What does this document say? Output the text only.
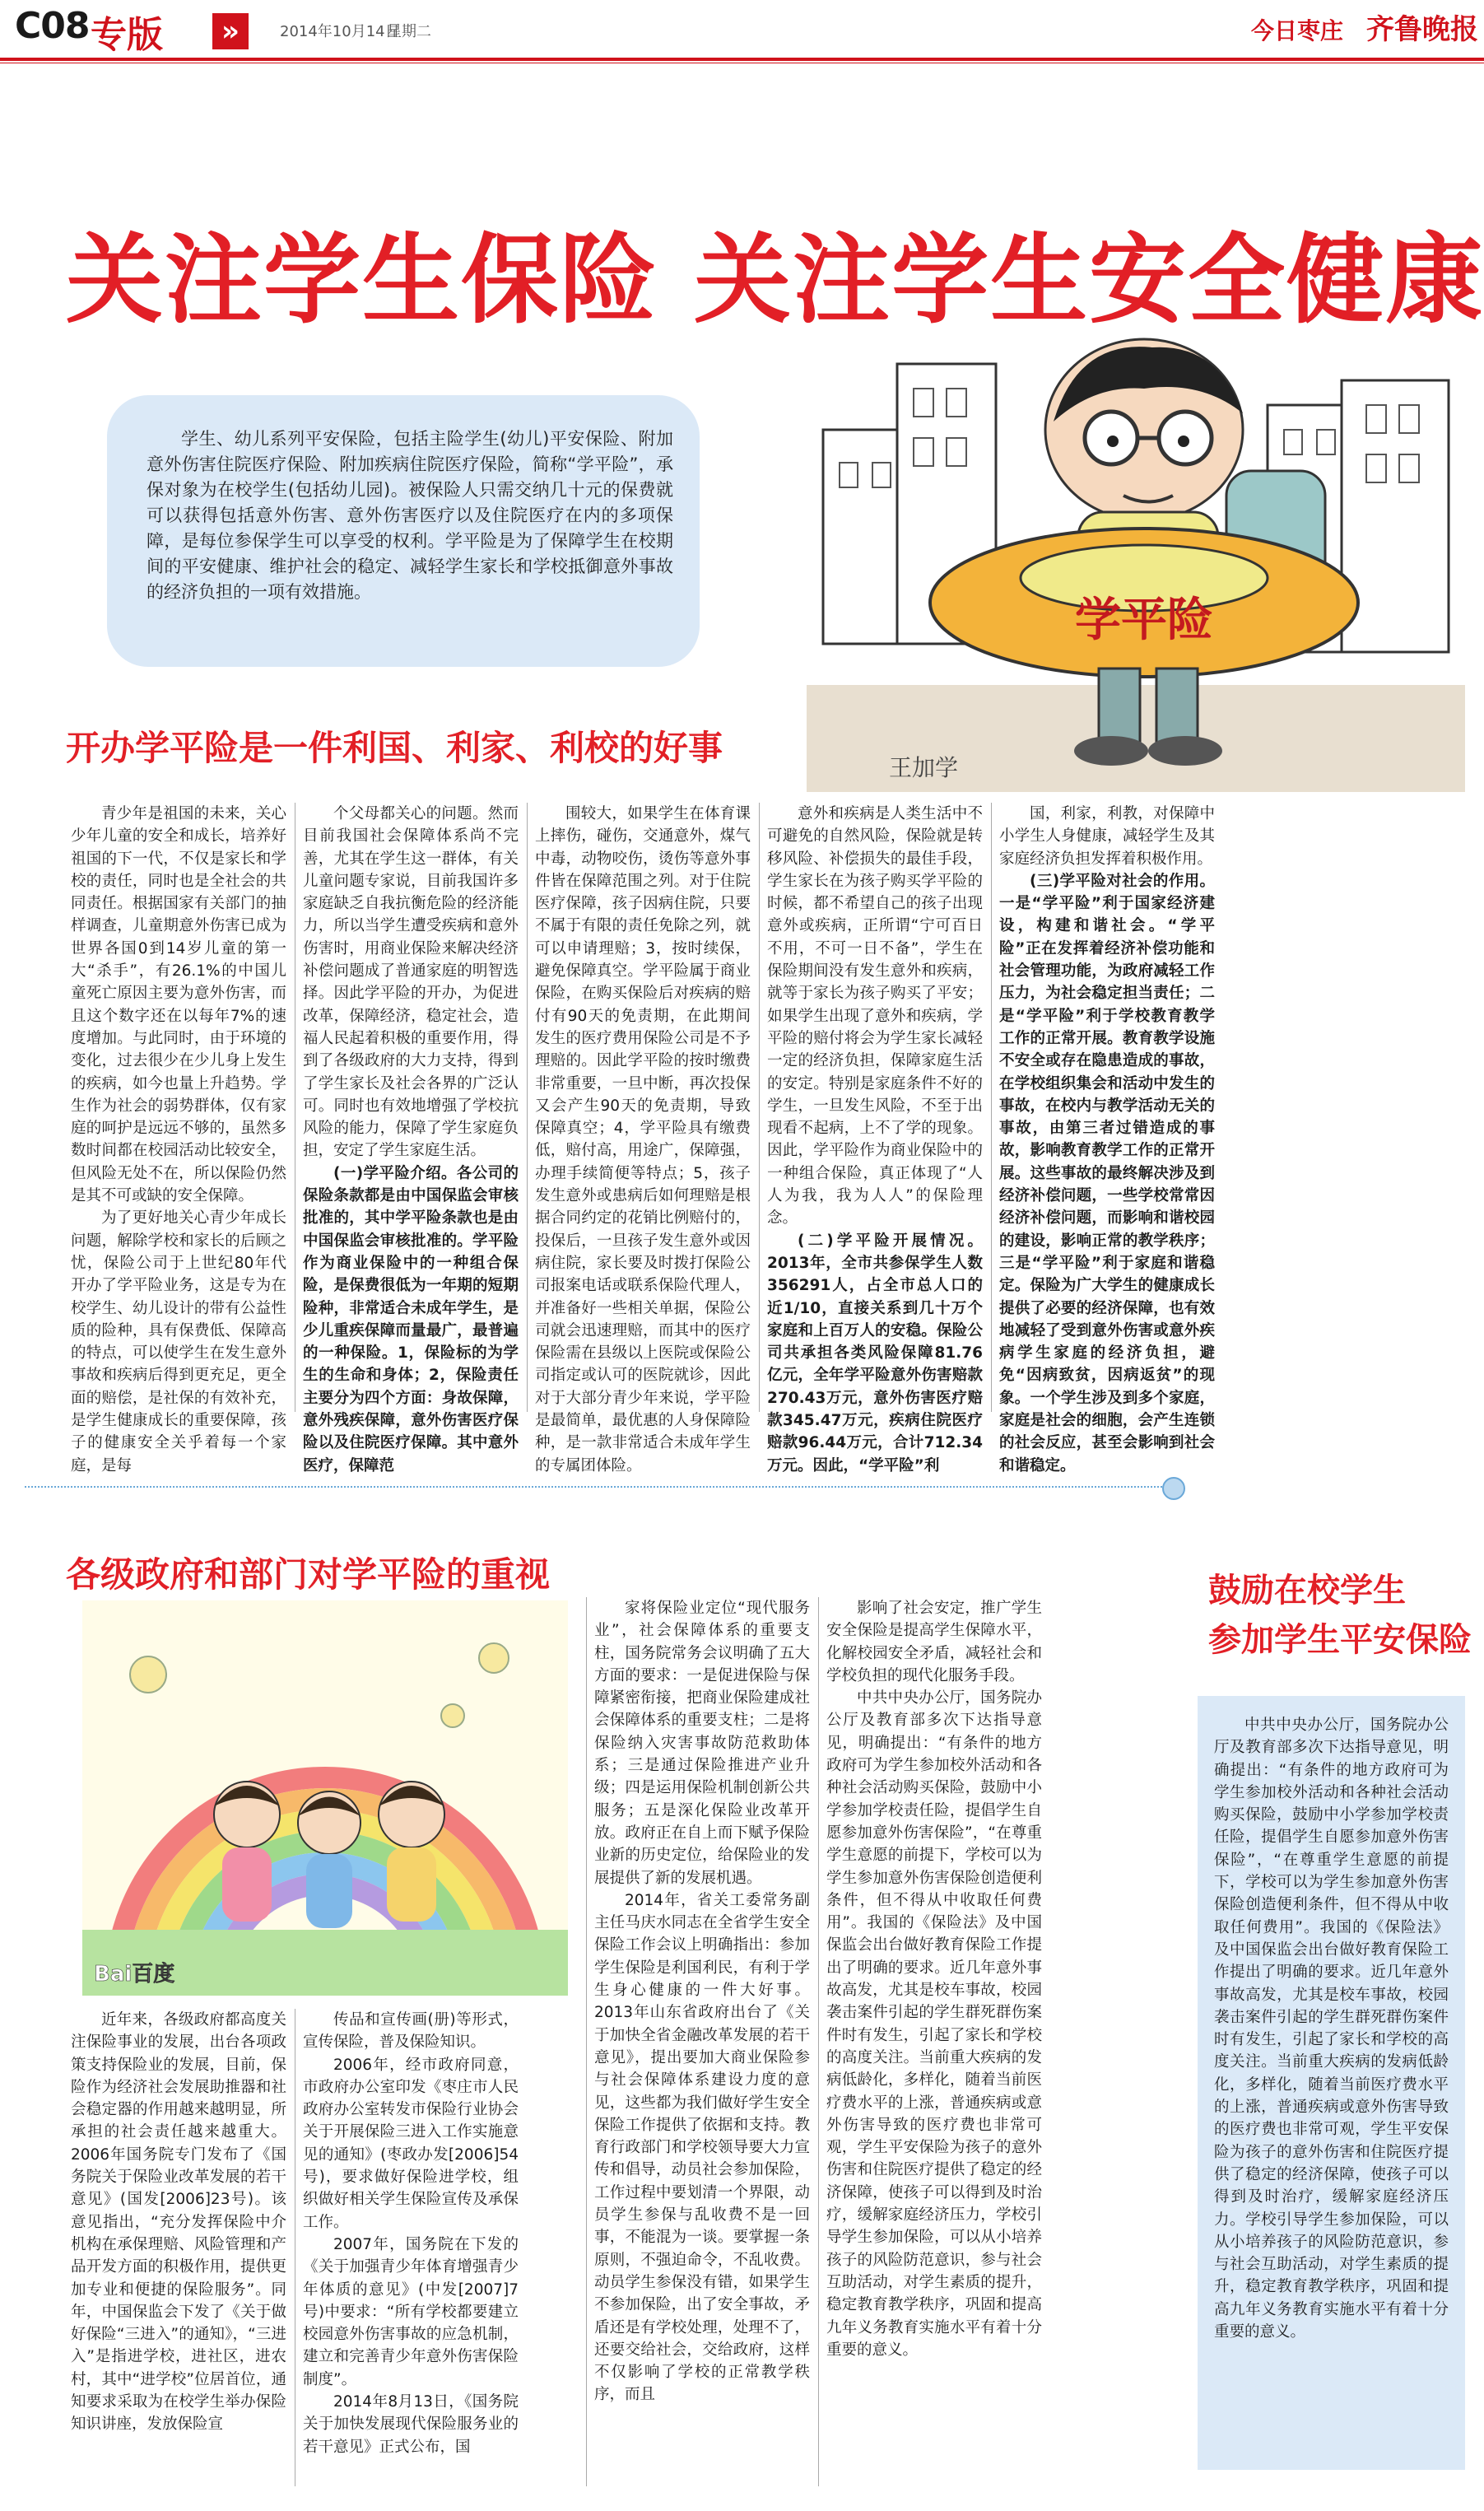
C08 专版	»	2014年10月14日
星期二	今日枣庄 齐鲁晚报
关注学生保险 关注学生安全健康
学平险
王加学
学生、幼儿系列平安保险，包括主险学生(幼儿)平安保险、附加意外伤害住院医疗保险、附加疾病住院医疗保险，简称“学平险”，承保对象为在校学生(包括幼儿园)。被保险人只需交纳几十元的保费就可以获得包括意外伤害、意外伤害医疗以及住院医疗在内的多项保障，是每位参保学生可以享受的权利。学平险是为了保障学生在校期间的平安健康、维护社会的稳定、减轻学生家长和学校抵御意外事故的经济负担的一项有效措施。
开办学平险是一件利国、利家、利校的好事

青少年是祖国的未来，关心少年儿童的安全和成长，培养好祖国的下一代，不仅是家长和学校的责任，同时也是全社会的共同责任。根据国家有关部门的抽样调查，儿童期意外伤害已成为世界各国0到14岁儿童的第一大“杀手”，有26.1%的中国儿童死亡原因主要为意外伤害，而且这个数字还在以每年7%的速度增加。与此同时，由于环境的变化，过去很少在少儿身上发生的疾病，如今也量上升趋势。学生作为社会的弱势群体，仅有家庭的呵护是远远不够的，虽然多数时间都在校园活动比较安全，但风险无处不在，所以保险仍然是其不可或缺的安全保障。

为了更好地关心青少年成长问题，解除学校和家长的后顾之忧，保险公司于上世纪80年代开办了学平险业务，这是专为在校学生、幼儿设计的带有公益性质的险种，具有保费低、保障高的特点，可以使学生在发生意外事故和疾病后得到更充足，更全面的赔偿，是社保的有效补充，是学生健康成长的重要保障，孩子的健康安全关乎着每一个家庭，是每

个父母都关心的问题。然而目前我国社会保障体系尚不完善，尤其在学生这一群体，有关儿童问题专家说，目前我国许多家庭缺乏自我抗衡危险的经济能力，所以当学生遭受疾病和意外伤害时，用商业保险来解决经济补偿问题成了普通家庭的明智选择。因此学平险的开办，为促进改革，保障经济，稳定社会，造福人民起着积极的重要作用，得到了各级政府的大力支持，得到了学生家长及社会各界的广泛认可。同时也有效地增强了学校抗风险的能力，保障了学生家庭负担，安定了学生家庭生活。

(一)学平险介绍。各公司的保险条款都是由中国保监会审核批准的，其中学平险条款也是由中国保监会审核批准的。学平险作为商业保险中的一种组合保险，是保费很低为一年期的短期险种，非常适合未成年学生，是少儿重疾保障而量最广，最普遍的一种保险。1，保险标的为学生的生命和身体；2，保险责任主要分为四个方面：身故保障，意外残疾保障，意外伤害医疗保险以及住院医疗保障。其中意外医疗，保障范

围较大，如果学生在体育课上摔伤，碰伤，交通意外，煤气中毒，动物咬伤，烫伤等意外事件皆在保障范围之列。对于住院医疗保障，孩子因病住院，只要不属于有限的责任免除之列，就可以申请理赔；3，按时续保，避免保障真空。学平险属于商业保险，在购买保险后对疾病的赔付有90天的免责期，在此期间发生的医疗费用保险公司是不予理赔的。因此学平险的按时缴费非常重要，一旦中断，再次投保又会产生90天的免责期，导致保障真空；4，学平险具有缴费低，赔付高，用途广，保障强，办理手续简便等特点；5，孩子发生意外或患病后如何理赔是根据合同约定的花销比例赔付的，投保后，一旦孩子发生意外或因病住院，家长要及时拨打保险公司报案电话或联系保险代理人，并准备好一些相关单据，保险公司就会迅速理赔，而其中的医疗保险需在县级以上医院或保险公司指定或认可的医院就诊，因此对于大部分青少年来说，学平险是最简单，最优惠的人身保障险种，是一款非常适合未成年学生的专属团体险。

意外和疾病是人类生活中不可避免的自然风险，保险就是转移风险、补偿损失的最佳手段，学生家长在为孩子购买学平险的时候，都不希望自己的孩子出现意外或疾病，正所谓“宁可百日不用，不可一日不备”，学生在保险期间没有发生意外和疾病，就等于家长为孩子购买了平安；如果学生出现了意外和疾病，学平险的赔付将会为学生家长减轻一定的经济负担，保障家庭生活的安定。特别是家庭条件不好的学生，一旦发生风险，不至于出现看不起病，上不了学的现象。因此，学平险作为商业保险中的一种组合保险，真正体现了“人人为我，我为人人”的保险理念。

(二)学平险开展情况。2013年，全市共参保学生人数356291人，占全市总人口的近1/10，直接关系到几十万个家庭和上百万人的安稳。保险公司共承担各类风险保障81.76亿元，全年学平险意外伤害赔款270.43万元，意外伤害医疗赔款345.47万元，疾病住院医疗赔款96.44万元，合计712.34万元。因此，“学平险”利

国，利家，利教，对保障中小学生人身健康，减轻学生及其家庭经济负担发挥着积极作用。

(三)学平险对社会的作用。一是“学平险”利于国家经济建设，构建和谐社会。“学平险”正在发挥着经济补偿功能和社会管理功能，为政府减轻工作压力，为社会稳定担当责任；二是“学平险”利于学校教育教学工作的正常开展。教育教学设施不安全或存在隐患造成的事故，在学校组织集会和活动中发生的事故，在校内与教学活动无关的事故，由第三者过错造成的事故，影响教育教学工作的正常开展。这些事故的最终解决涉及到经济补偿问题，一些学校常常因经济补偿问题，而影响和谐校园的建设，影响正常的教学秩序；三是“学平险”利于家庭和谐稳定。保险为广大学生的健康成长提供了必要的经济保障，也有效地减轻了受到意外伤害或意外疾病学生家庭的经济负担，避免“因病致贫，因病返贫”的现象。一个学生涉及到多个家庭，家庭是社会的细胞，会产生连锁的社会反应，甚至会影响到社会和谐稳定。

各级政府和部门对学平险的重视
Bai百度

近年来，各级政府都高度关注保险事业的发展，出台各项政策支持保险业的发展，目前，保险作为经济社会发展助推器和社会稳定器的作用越来越明显，所承担的社会责任越来越重大。2006年国务院专门发布了《国务院关于保险业改革发展的若干意见》(国发[2006]23号)。该意见指出，“充分发挥保险中介机构在承保理赔、风险管理和产品开发方面的积极作用，提供更加专业和便捷的保险服务”。同年，中国保监会下发了《关于做好保险“三进入”的通知》，“三进入”是指进学校，进社区，进农村，其中“进学校”位居首位，通知要求采取为在校学生举办保险知识讲座，发放保险宣

传品和宣传画(册)等形式，宣传保险，普及保险知识。

2006年，经市政府同意，市政府办公室印发《枣庄市人民政府办公室转发市保险行业协会关于开展保险三进入工作实施意见的通知》(枣政办发[2006]54号)，要求做好保险进学校，组织做好相关学生保险宣传及承保工作。

2007年，国务院在下发的《关于加强青少年体育增强青少年体质的意见》(中发[2007]7号)中要求：“所有学校都要建立校园意外伤害事故的应急机制，建立和完善青少年意外伤害保险制度”。

2014年8月13日，《国务院关于加快发展现代保险服务业的若干意见》正式公布，国

家将保险业定位“现代服务业”，社会保障体系的重要支柱，国务院常务会议明确了五大方面的要求：一是促进保险与保障紧密衔接，把商业保险建成社会保障体系的重要支柱；二是将保险纳入灾害事故防范救助体系；三是通过保险推进产业升级；四是运用保险机制创新公共服务；五是深化保险业改革开放。政府正在自上而下赋予保险业新的历史定位，给保险业的发展提供了新的发展机遇。

2014年，省关工委常务副主任马庆水同志在全省学生安全保险工作会议上明确指出：参加学生保险是利国利民，有利于学生身心健康的一件大好事。2013年山东省政府出台了《关于加快全省金融改革发展的若干意见》，提出要加大商业保险参与社会保障体系建设力度的意见，这些都为我们做好学生安全保险工作提供了依据和支持。教育行政部门和学校领导要大力宣传和倡导，动员社会参加保险，工作过程中要划清一个界限，动员学生参保与乱收费不是一回事，不能混为一谈。要掌握一条原则，不强迫命令，不乱收费。动员学生参保没有错，如果学生不参加保险，出了安全事故，矛盾还是有学校处理，处理不了，还要交给社会，交给政府，这样不仅影响了学校的正常教学秩序，而且

影响了社会安定，推广学生安全保险是提高学生保障水平，化解校园安全矛盾，减轻社会和学校负担的现代化服务手段。

中共中央办公厅，国务院办公厅及教育部多次下达指导意见，明确提出：“有条件的地方政府可为学生参加校外活动和各种社会活动购买保险，鼓励中小学参加学校责任险，提倡学生自愿参加意外伤害保险”，“在尊重学生意愿的前提下，学校可以为学生参加意外伤害保险创造便利条件，但不得从中收取任何费用”。我国的《保险法》及中国保监会出台做好教育保险工作提出了明确的要求。近几年意外事故高发，尤其是校车事故，校园袭击案件引起的学生群死群伤案件时有发生，引起了家长和学校的高度关注。当前重大疾病的发病低龄化，多样化，随着当前医疗费水平的上涨，普通疾病或意外伤害导致的医疗费也非常可观，学生平安保险为孩子的意外伤害和住院医疗提供了稳定的经济保障，使孩子可以得到及时治疗，缓解家庭经济压力，学校引导学生参加保险，可以从小培养孩子的风险防范意识，参与社会互助活动，对学生素质的提升，稳定教育教学秩序，巩固和提高九年义务教育实施水平有着十分重要的意义。

鼓励在校学生
参加学生平安保险

中共中央办公厅，国务院办公厅及教育部多次下达指导意见，明确提出：“有条件的地方政府可为学生参加校外活动和各种社会活动购买保险，鼓励中小学参加学校责任险，提倡学生自愿参加意外伤害保险”，“在尊重学生意愿的前提下，学校可以为学生参加意外伤害保险创造便利条件，但不得从中收取任何费用”。我国的《保险法》及中国保监会出台做好教育保险工作提出了明确的要求。近几年意外事故高发，尤其是校车事故，校园袭击案件引起的学生群死群伤案件时有发生，引起了家长和学校的高度关注。当前重大疾病的发病低龄化，多样化，随着当前医疗费水平的上涨，普通疾病或意外伤害导致的医疗费也非常可观，学生平安保险为孩子的意外伤害和住院医疗提供了稳定的经济保障，使孩子可以得到及时治疗，缓解家庭经济压力。学校引导学生参加保险，可以从小培养孩子的风险防范意识，参与社会互助活动，对学生素质的提升，稳定教育教学秩序，巩固和提高九年义务教育实施水平有着十分重要的意义。
